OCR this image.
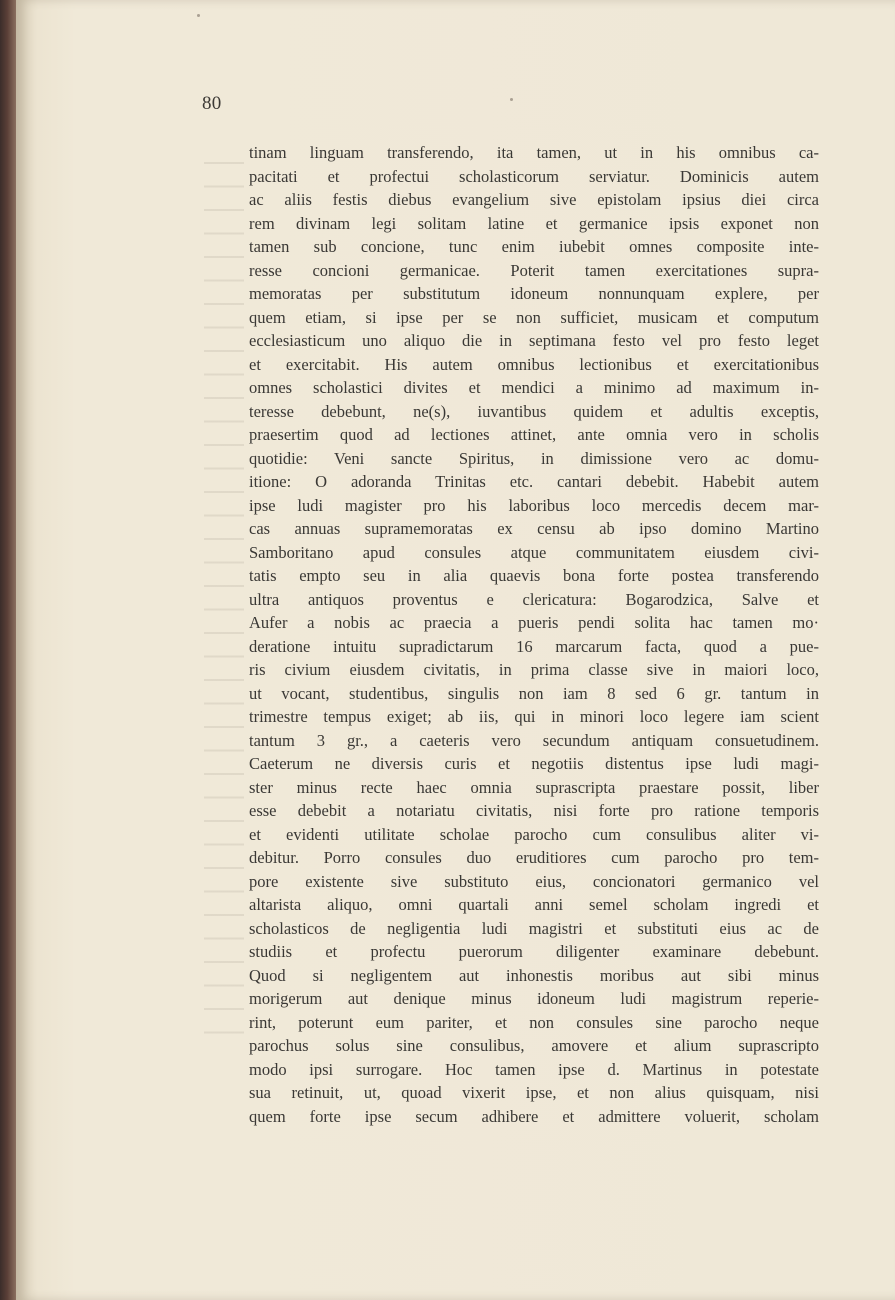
80
tinam linguam transferendo, ita tamen, ut in his omnibus ca-
pacitati et profectui scholasticorum serviatur. Dominicis autem
ac aliis festis diebus evangelium sive epistolam ipsius diei circa
rem divinam legi solitam latine et germanice ipsis exponet non
tamen sub concione, tunc enim iubebit omnes composite inte-
resse concioni germanicae. Poterit tamen exercitationes supra-
memoratas per substitutum idoneum nonnunquam explere, per
quem etiam, si ipse per se non sufficiet, musicam et computum
ecclesiasticum uno aliquo die in septimana festo vel pro festo leget
et exercitabit. His autem omnibus lectionibus et exercitationibus
omnes scholastici divites et mendici a minimo ad maximum in-
teresse debebunt, ne(s), iuvantibus quidem et adultis exceptis,
praesertim quod ad lectiones attinet, ante omnia vero in scholis
quotidie: Veni sancte Spiritus, in dimissione vero ac domu-
itione: O adoranda Trinitas etc. cantari debebit. Habebit autem
ipse ludi magister pro his laboribus loco mercedis decem mar-
cas annuas supramemoratas ex censu ab ipso domino Martino
Samboritano apud consules atque communitatem eiusdem civi-
tatis empto seu in alia quaevis bona forte postea transferendo
ultra antiquos proventus e clericatura: Bogarodzica, Salve et
Aufer a nobis ac praecia a pueris pendi solita hac tamen mo·
deratione intuitu supradictarum 16 marcarum facta, quod a pue-
ris civium eiusdem civitatis, in prima classe sive in maiori loco,
ut vocant, studentibus, singulis non iam 8 sed 6 gr. tantum in
trimestre tempus exiget; ab iis, qui in minori loco legere iam scient
tantum 3 gr., a caeteris vero secundum antiquam consuetudinem.
Caeterum ne diversis curis et negotiis distentus ipse ludi magi-
ster minus recte haec omnia suprascripta praestare possit, liber
esse debebit a notariatu civitatis, nisi forte pro ratione temporis
et evidenti utilitate scholae parocho cum consulibus aliter vi-
debitur. Porro consules duo eruditiores cum parocho pro tem-
pore existente sive substituto eius, concionatori germanico vel
altarista aliquo, omni quartali anni semel scholam ingredi et
scholasticos de negligentia ludi magistri et substituti eius ac de
studiis et profectu puerorum diligenter examinare debebunt.
Quod si negligentem aut inhonestis moribus aut sibi minus
morigerum aut denique minus idoneum ludi magistrum reperie-
rint, poterunt eum pariter, et non consules sine parocho neque
parochus solus sine consulibus, amovere et alium suprascripto
modo ipsi surrogare. Hoc tamen ipse d. Martinus in potestate
sua retinuit, ut, quoad vixerit ipse, et non alius quisquam, nisi
quem forte ipse secum adhibere et admittere voluerit, scholam
